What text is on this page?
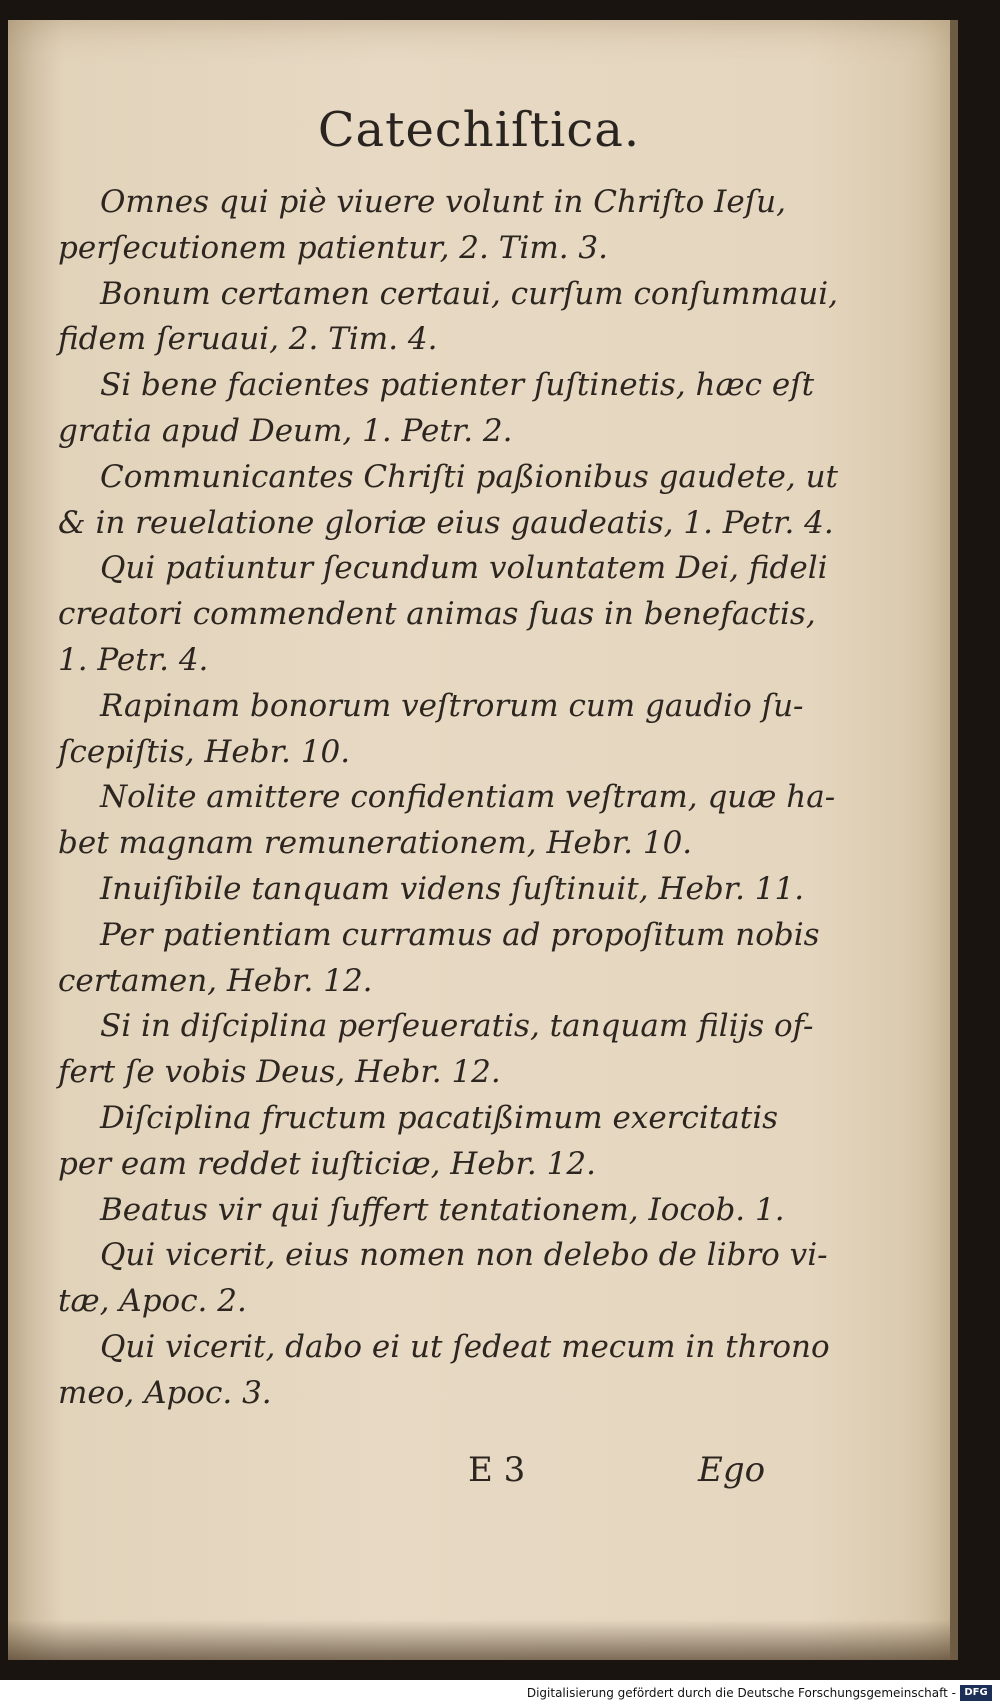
Catechiſtica.
Omnes qui piè viuere volunt in Chriſto Ieſu,
perſecutionem patientur, 2. Tim. 3.
Bonum certamen certaui, curſum conſummaui,
fidem ſeruaui, 2. Tim. 4.
Si bene facientes patienter ſuſtinetis, hæc eſt
gratia apud Deum, 1. Petr. 2.
Communicantes Chriſti paßionibus gaudete, ut
& in reuelatione gloriæ eius gaudeatis, 1. Petr. 4.
Qui patiuntur ſecundum voluntatem Dei, fideli
creatori commendent animas ſuas in benefactis,
1. Petr. 4.
Rapinam bonorum veſtrorum cum gaudio ſu-
ſcepiſtis, Hebr. 10.
Nolite amittere confidentiam veſtram, quæ ha-
bet magnam remunerationem, Hebr. 10.
Inuiſibile tanquam videns ſuſtinuit, Hebr. 11.
Per patientiam curramus ad propoſitum nobis
certamen, Hebr. 12.
Si in diſciplina perſeueratis, tanquam filijs of-
fert ſe vobis Deus, Hebr. 12.
Diſciplina fructum pacatißimum exercitatis
per eam reddet iuſticiæ, Hebr. 12.
Beatus vir qui ſuffert tentationem, Iocob. 1.
Qui vicerit, eius nomen non delebo de libro vi-
tæ, Apoc. 2.
Qui vicerit, dabo ei ut ſedeat mecum in throno
meo, Apoc. 3.
E 3	Ego
Digitalisierung gefördert durch die Deutsche Forschungsgemeinschaft - DFG
